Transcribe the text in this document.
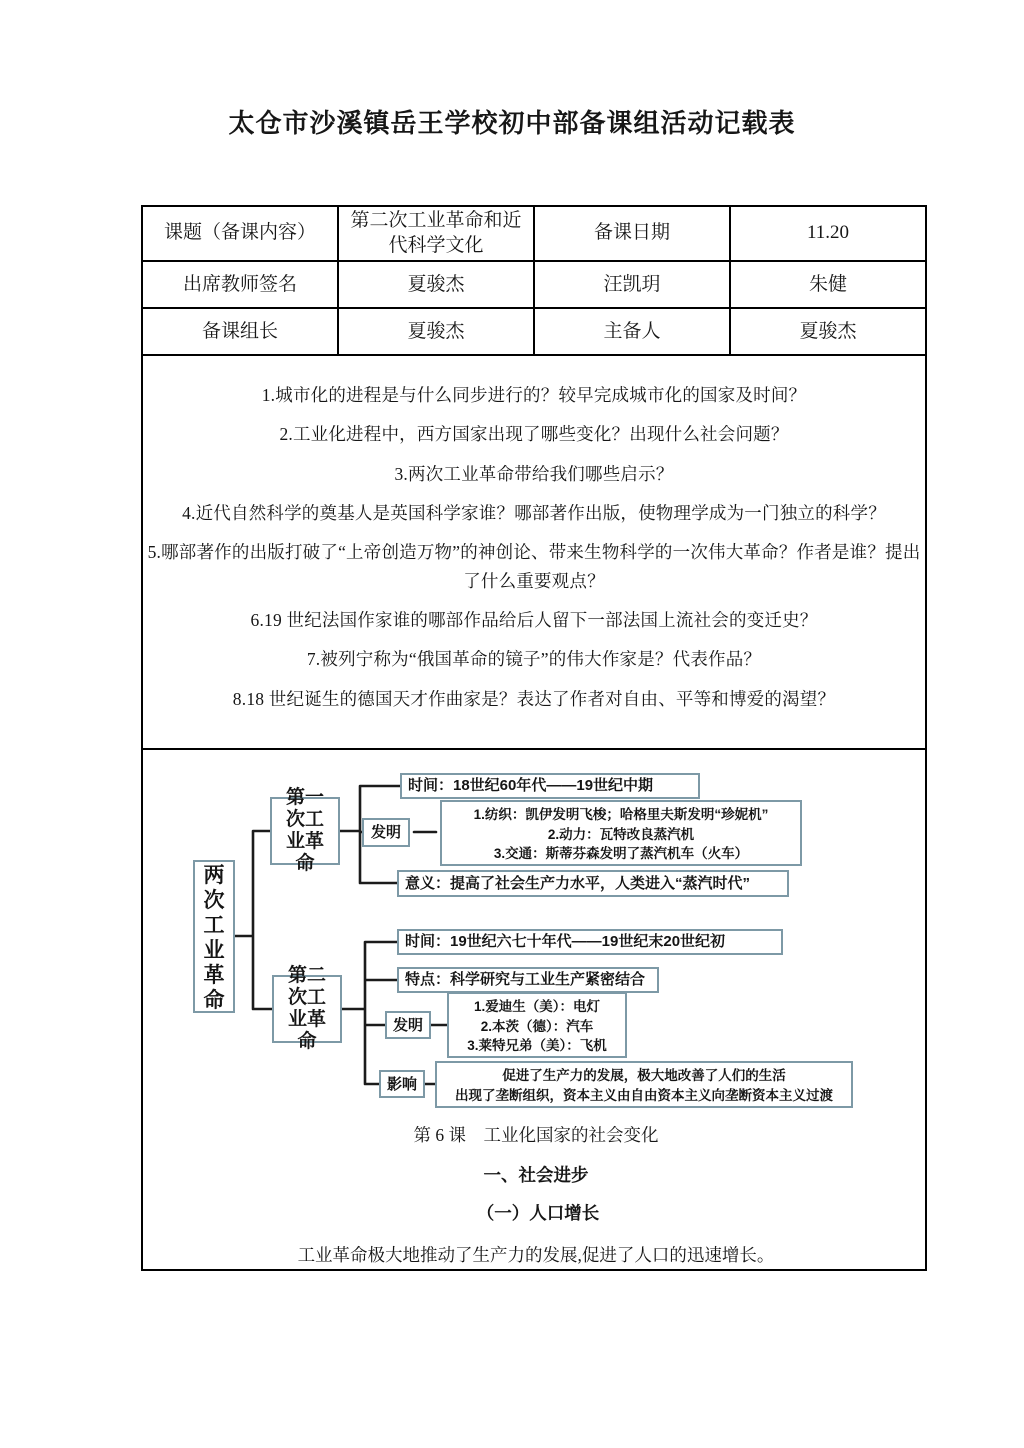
太仓市沙溪镇岳王学校初中部备课组活动记载表
课题（备课内容）	第二次工业革命和近代科学文化	备课日期	11.20
出席教师签名	夏骏杰	汪凯玥	朱健
备课组长	夏骏杰	主备人	夏骏杰

1.城市化的进程是与什么同步进行的？较早完成城市化的国家及时间？

2.工业化进程中，西方国家出现了哪些变化？出现什么社会问题？

3.两次工业革命带给我们哪些启示？

4.近代自然科学的奠基人是英国科学家谁？哪部著作出版，使物理学成为一门独立的科学？

5.哪部著作的出版打破了“上帝创造万物”的神创论、带来生物科学的一次伟大革命？作者是谁？提出了什么重要观点？

6.19 世纪法国作家谁的哪部作品给后人留下一部法国上流社会的变迁史？

7.被列宁称为“俄国革命的镜子”的伟大作家是？代表作品？

8.18 世纪诞生的德国天才作曲家是？表达了作者对自由、平等和博爱的渴望？

两次工业革命
第一次工业革命
时间：18世纪60年代——19世纪中期
发明

1.纺织：凯伊发明飞梭；哈格里夫斯发明“珍妮机”

2.动力：瓦特改良蒸汽机

3.交通：斯蒂芬森发明了蒸汽机车（火车）

意义：提高了社会生产力水平，人类进入“蒸汽时代”
第二次工业革命
时间：19世纪六七十年代——19世纪末20世纪初
特点：科学研究与工业生产紧密结合
发明

1.爱迪生（美）：电灯

2.本茨（德）：汽车

3.莱特兄弟（美）：飞机

影响	促进了生产力的发展，极大地改善了人们的生活

出现了垄断组织，资本主义由自由资本主义向垄断资本主义过渡

第 6 课　工业化国家的社会变化

一、社会进步

（一）人口增长

工业革命极大地推动了生产力的发展,促进了人口的迅速增长。
